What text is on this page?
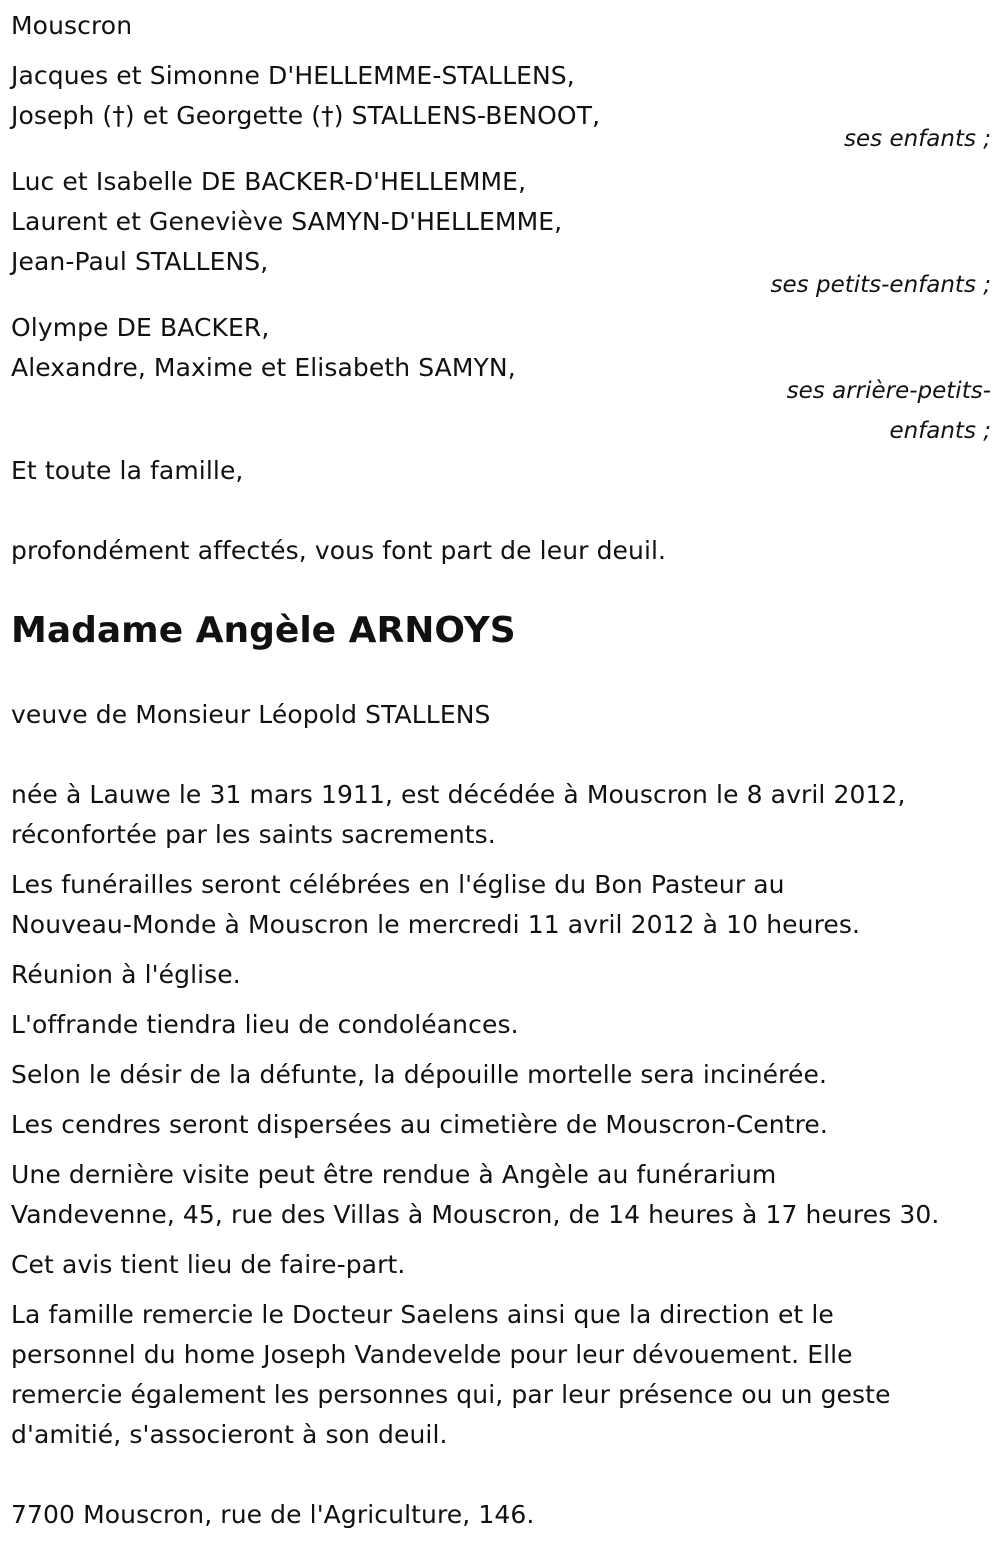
Mouscron
Jacques et Simonne D'HELLEMME-STALLENS,
Joseph (†) et Georgette (†) STALLENS-BENOOT,
ses enfants ;
Luc et Isabelle DE BACKER-D'HELLEMME,
Laurent et Geneviève SAMYN-D'HELLEMME,
Jean-Paul STALLENS,
ses petits-enfants ;
Olympe DE BACKER,
Alexandre, Maxime et Elisabeth SAMYN,
ses arrière-petits-
enfants ;
Et toute la famille,
profondément affectés, vous font part de leur deuil.
Madame Angèle ARNOYS
veuve de Monsieur Léopold STALLENS
née à Lauwe le 31 mars 1911, est décédée à Mouscron le 8 avril 2012,
réconfortée par les saints sacrements.
Les funérailles seront célébrées en l'église du Bon Pasteur au
Nouveau-Monde à Mouscron le mercredi 11 avril 2012 à 10 heures.
Réunion à l'église.
L'offrande tiendra lieu de condoléances.
Selon le désir de la défunte, la dépouille mortelle sera incinérée.
Les cendres seront dispersées au cimetière de Mouscron-Centre.
Une dernière visite peut être rendue à Angèle au funérarium
Vandevenne, 45, rue des Villas à Mouscron, de 14 heures à 17 heures 30.
Cet avis tient lieu de faire-part.
La famille remercie le Docteur Saelens ainsi que la direction et le
personnel du home Joseph Vandevelde pour leur dévouement. Elle
remercie également les personnes qui, par leur présence ou un geste
d'amitié, s'associeront à son deuil.
7700 Mouscron, rue de l'Agriculture, 146.
